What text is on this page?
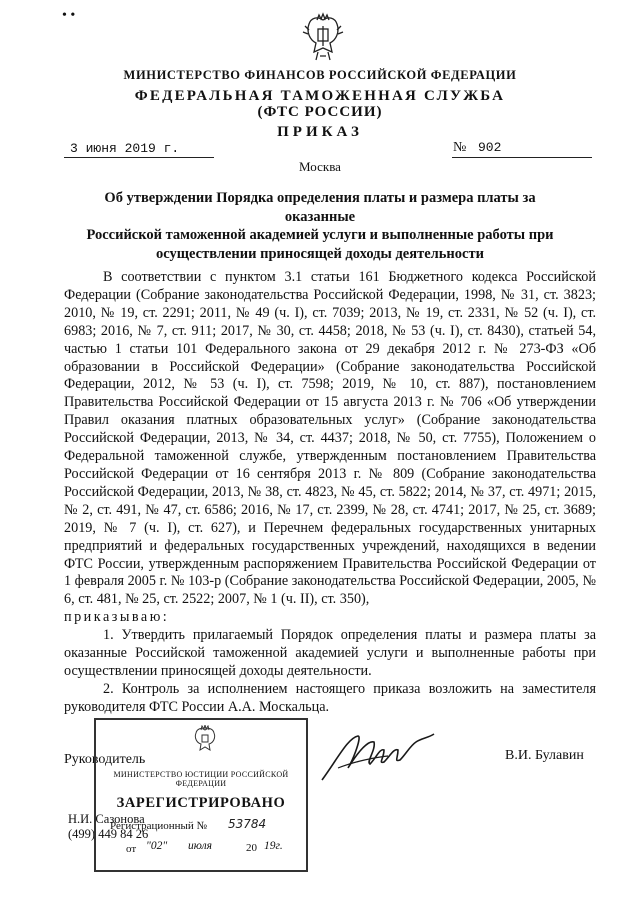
• •
МИНИСТЕРСТВО ФИНАНСОВ РОССИЙСКОЙ ФЕДЕРАЦИИ
ФЕДЕРАЛЬНАЯ ТАМОЖЕННАЯ СЛУЖБА
(ФТС РОССИИ)
ПРИКАЗ
3 июня 2019 г.	№ 902
Москва
Об утверждении Порядка определения платы и размера платы за оказанные
Российской таможенной академией услуги и выполненные работы при
осуществлении приносящей доходы деятельности

В соответствии с пунктом 3.1 статьи 161 Бюджетного кодекса Российской Федерации (Собрание законодательства Российской Федерации, 1998, № 31, ст. 3823; 2010, № 19, ст. 2291; 2011, № 49 (ч. I), ст. 7039; 2013, № 19, ст. 2331, № 52 (ч. I), ст. 6983; 2016, № 7, ст. 911; 2017, № 30, ст. 4458; 2018, № 53 (ч. I), ст. 8430), статьей 54, частью 1 статьи 101 Федерального закона от 29 декабря 2012 г. № 273-ФЗ «Об образовании в Российской Федерации» (Собрание законодательства Российской Федерации, 2012, № 53 (ч. I), ст. 7598; 2019, № 10, ст. 887), постановлением Правительства Российской Федерации от 15 августа 2013 г. № 706 «Об утверждении Правил оказания платных образовательных услуг» (Собрание законодательства Российской Федерации, 2013, № 34, ст. 4437; 2018, № 50, ст. 7755), Положением о Федеральной таможенной службе, утвержденным постановлением Правительства Российской Федерации от 16 сентября 2013 г. № 809 (Собрание законодательства Российской Федерации, 2013, № 38, ст. 4823, № 45, ст. 5822; 2014, № 37, ст. 4971; 2015, № 2, ст. 491, № 47, ст. 6586; 2016, № 17, ст. 2399, № 28, ст. 4741; 2017, № 25, ст. 3689; 2019, № 7 (ч. I), ст. 627), и Перечнем федеральных государственных унитарных предприятий и федеральных государственных учреждений, находящихся в ведении ФТС России, утвержденным распоряжением Правительства Российской Федерации от 1 февраля 2005 г. № 103-р (Собрание законодательства Российской Федерации, 2005, № 6, ст. 481, № 25, ст. 2522; 2007, № 1 (ч. II), ст. 350),

приказываю:

1. Утвердить прилагаемый Порядок определения платы и размера платы за оказанные Российской таможенной академией услуги и выполненные работы при осуществлении приносящей доходы деятельности.

2. Контроль за исполнением настоящего приказа возложить на заместителя руководителя ФТС России А.А. Москальца.

Руководитель	В.И. Булавин
Н.И. Сазонова
(499) 449 84 26
МИНИСТЕРСТВО ЮСТИЦИИ РОССИЙСКОЙ ФЕДЕРАЦИИ
ЗАРЕГИСТРИРОВАНО
Регистрационный № 53784
от "02" июля	20 19г.
